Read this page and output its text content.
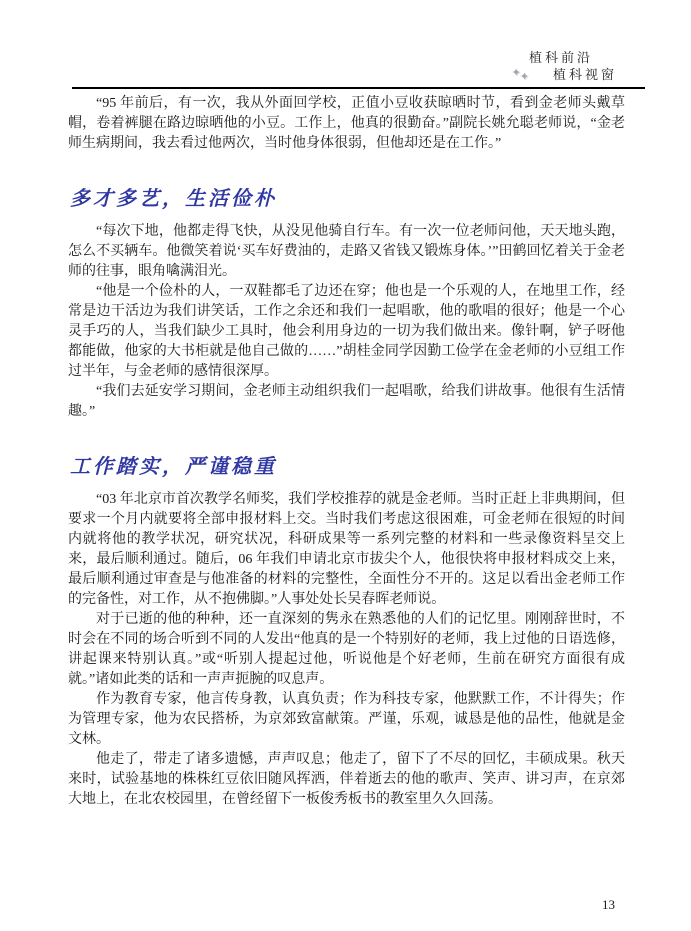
植科前沿
✦✦ 植科视窗

“95 年前后，有一次，我从外面回学校，正值小豆收获晾晒时节，看到金老师头戴草帽，卷着裤腿在路边晾晒他的小豆。工作上，他真的很勤奋。”副院长姚允聪老师说，“金老师生病期间，我去看过他两次，当时他身体很弱，但他却还是在工作。”

多才多艺，生活俭朴

“每次下地，他都走得飞快，从没见他骑自行车。有一次一位老师问他，天天地头跑，怎么不买辆车。他微笑着说‘买车好费油的，走路又省钱又锻炼身体。’”田鹤回忆着关于金老师的往事，眼角噙满泪光。

“他是一个俭朴的人，一双鞋都毛了边还在穿；他也是一个乐观的人，在地里工作，经常是边干活边为我们讲笑话，工作之余还和我们一起唱歌，他的歌唱的很好；他是一个心灵手巧的人，当我们缺少工具时，他会利用身边的一切为我们做出来。像针啊，铲子呀他都能做，他家的大书柜就是他自己做的……”胡桂金同学因勤工俭学在金老师的小豆组工作过半年，与金老师的感情很深厚。

“我们去延安学习期间，金老师主动组织我们一起唱歌，给我们讲故事。他很有生活情趣。”

工作踏实，严谨稳重

“03 年北京市首次教学名师奖，我们学校推荐的就是金老师。当时正赶上非典期间，但要求一个月内就要将全部申报材料上交。当时我们考虑这很困难，可金老师在很短的时间内就将他的教学状况，研究状况，科研成果等一系列完整的材料和一些录像资料呈交上来，最后顺利通过。随后，06 年我们申请北京市拔尖个人，他很快将申报材料成交上来，最后顺利通过审查是与他准备的材料的完整性，全面性分不开的。这足以看出金老师工作的完备性，对工作，从不抱佛脚。”人事处处长吴春晖老师说。

对于已逝的他的种种，还一直深刻的隽永在熟悉他的人们的记忆里。刚刚辞世时，不时会在不同的场合听到不同的人发出“他真的是一个特别好的老师，我上过他的日语选修，讲起课来特别认真。”或“听别人提起过他，听说他是个好老师，生前在研究方面很有成就。”诸如此类的话和一声声扼腕的叹息声。

作为教育专家，他言传身教，认真负责；作为科技专家，他默默工作，不计得失；作为管理专家，他为农民搭桥，为京郊致富献策。严谨，乐观，诚恳是他的品性，他就是金文林。

他走了，带走了诸多遗憾，声声叹息；他走了，留下了不尽的回忆，丰硕成果。秋天来时，试验基地的株株红豆依旧随风挥洒，伴着逝去的他的歌声、笑声、讲习声，在京郊大地上，在北农校园里，在曾经留下一板俊秀板书的教室里久久回荡。

13
